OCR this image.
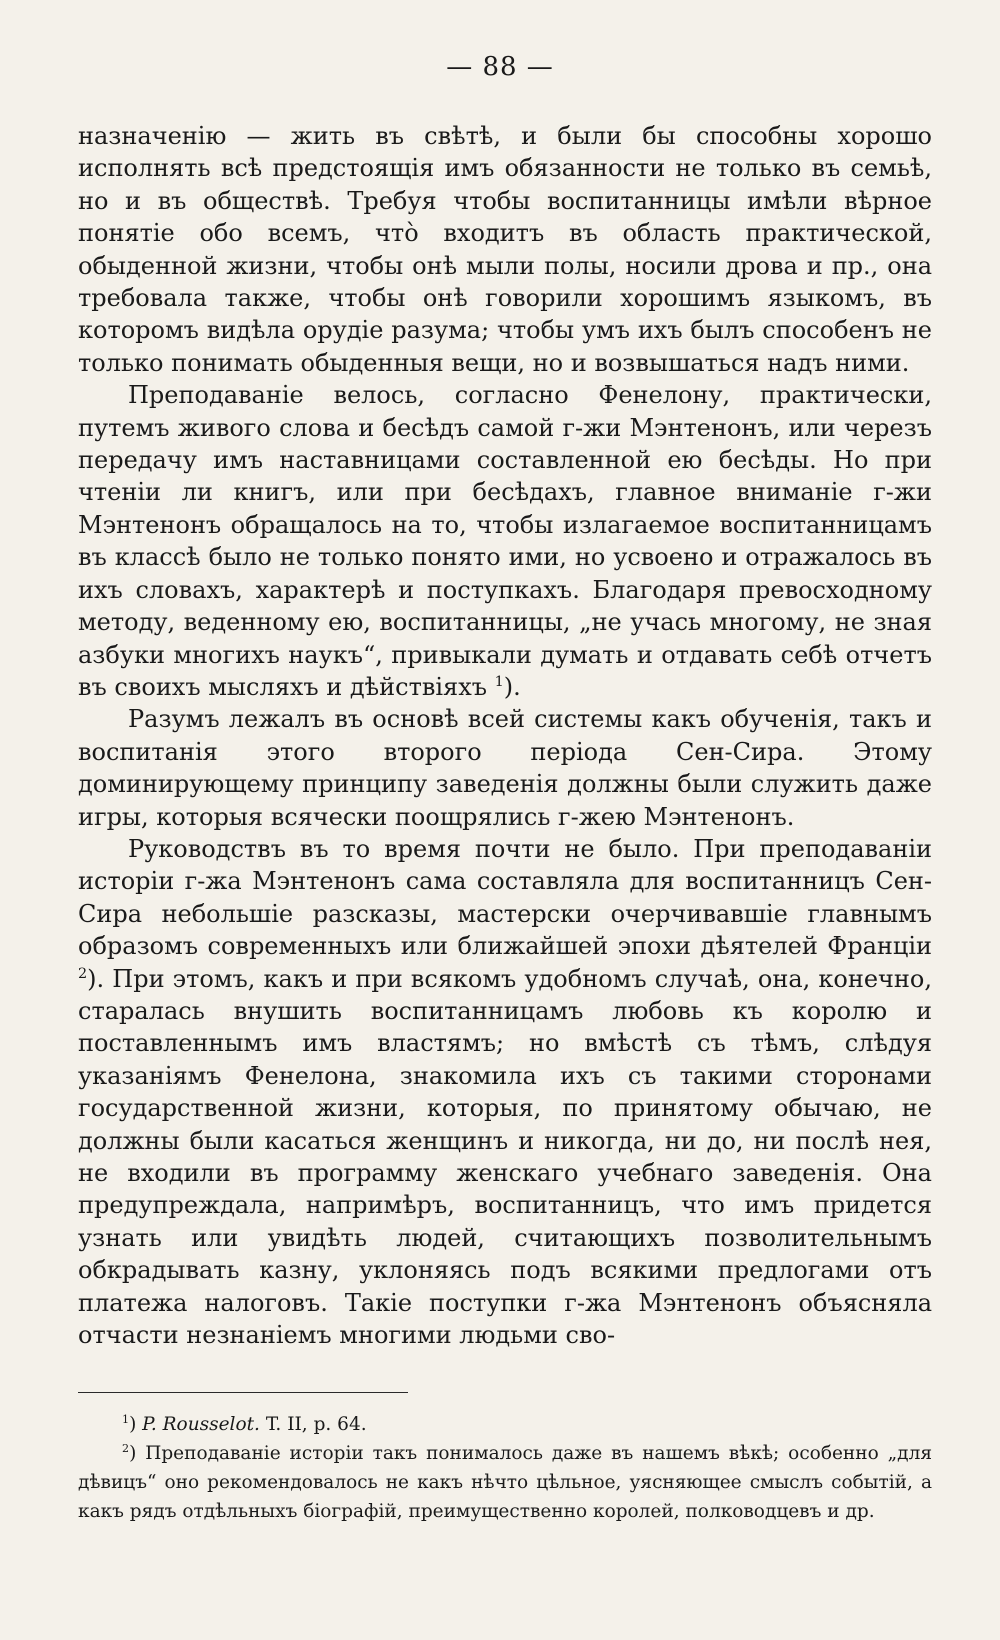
— 88 —

назначенію — жить въ свѣтѣ, и были бы способны хорошо исполнять всѣ предстоящія имъ обязанности не только въ семьѣ, но и въ обществѣ. Требуя чтобы воспитанницы имѣли вѣрное понятіе обо всемъ, что̀ входитъ въ область практической, обыденной жизни, чтобы онѣ мыли полы, носили дрова и пр., она требовала также, чтобы онѣ говорили хорошимъ языкомъ, въ которомъ видѣла орудіе разума; чтобы умъ ихъ былъ способенъ не только понимать обыденныя вещи, но и возвышаться надъ ними.

Преподаваніе велось, согласно Фенелону, практически, путемъ живого слова и бесѣдъ самой г-жи Мэнтенонъ, или черезъ передачу имъ наставницами составленной ею бесѣды. Но при чтеніи ли книгъ, или при бесѣдахъ, главное вниманіе г-жи Мэнтенонъ обращалось на то, чтобы излагаемое воспитанницамъ въ классѣ было не только понято ими, но усвоено и отражалось въ ихъ словахъ, характерѣ и поступкахъ. Благодаря превосходному методу, веденному ею, воспитанницы, „не учась многому, не зная азбуки многихъ наукъ“, привыкали думать и отдавать себѣ отчетъ въ своихъ мысляхъ и дѣйствіяхъ $^1$).

Разумъ лежалъ въ основѣ всей системы какъ обученія, такъ и воспитанія этого второго періода Сен-Сира. Этому доминирующему принципу заведенія должны были служить даже игры, которыя всячески поощрялись г-жею Мэнтенонъ.

Руководствъ въ то время почти не было. При преподаваніи исторіи г-жа Мэнтенонъ сама составляла для воспитанницъ Сен-Сира небольшіе разсказы, мастерски очерчивавшіе главнымъ образомъ современныхъ или ближайшей эпохи дѣятелей Франціи $^2$). При этомъ, какъ и при всякомъ удобномъ случаѣ, она, конечно, старалась внушить воспитанницамъ любовь къ королю и поставленнымъ имъ властямъ; но вмѣстѣ съ тѣмъ, слѣдуя указаніямъ Фенелона, знакомила ихъ съ такими сторонами государственной жизни, которыя, по принятому обычаю, не должны были касаться женщинъ и никогда, ни до, ни послѣ нея, не входили въ программу женскаго учебнаго заведенія. Она предупреждала, напримѣръ, воспитанницъ, что имъ придется узнать или увидѣть людей, считающихъ позволительнымъ обкрадывать казну, уклоняясь подъ всякими предлогами отъ платежа налоговъ. Такіе поступки г-жа Мэнтенонъ объясняла отчасти незнаніемъ многими людьми сво-

$^1$) P. Rousselot. T. II, p. 64.

$^2$) Преподаваніе исторіи такъ понималось даже въ нашемъ вѣкѣ; особенно „для дѣвицъ“ оно рекомендовалось не какъ нѣчто цѣльное, уясняющее смыслъ событій, а какъ рядъ отдѣльныхъ біографій, преимущественно королей, полководцевъ и др.
